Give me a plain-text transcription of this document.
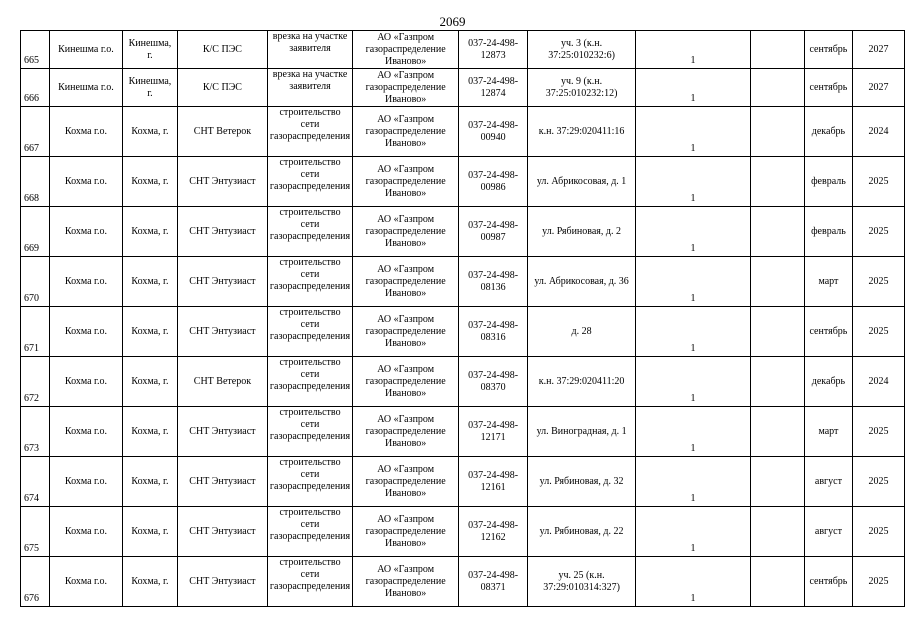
2069
665	Кинешма г.о.	Кинешма, г.	К/С ПЭС	врезка на участке заявителя	АО «Газпром газораспределение Иваново»	037-24-498-12873	уч. 3 (к.н. 37:25:010232:6)	1		сентябрь	2027
666	Кинешма г.о.	Кинешма, г.	К/С ПЭС	врезка на участке заявителя	АО «Газпром газораспределение Иваново»	037-24-498-12874	уч. 9 (к.н. 37:25:010232:12)	1		сентябрь	2027
667	Кохма г.о.	Кохма, г.	СНТ Ветерок	строительство сети газораспределения	АО «Газпром газораспределение Иваново»	037-24-498-00940	к.н. 37:29:020411:16	1		декабрь	2024
668	Кохма г.о.	Кохма, г.	СНТ Энтузиаст	строительство сети газораспределения	АО «Газпром газораспределение Иваново»	037-24-498-00986	ул. Абрикосовая, д. 1	1		февраль	2025
669	Кохма г.о.	Кохма, г.	СНТ Энтузиаст	строительство сети газораспределения	АО «Газпром газораспределение Иваново»	037-24-498-00987	ул. Рябиновая, д. 2	1		февраль	2025
670	Кохма г.о.	Кохма, г.	СНТ Энтузиаст	строительство сети газораспределения	АО «Газпром газораспределение Иваново»	037-24-498-08136	ул. Абрикосовая, д. 36	1		март	2025
671	Кохма г.о.	Кохма, г.	СНТ Энтузиаст	строительство сети газораспределения	АО «Газпром газораспределение Иваново»	037-24-498-08316	д. 28	1		сентябрь	2025
672	Кохма г.о.	Кохма, г.	СНТ Ветерок	строительство сети газораспределения	АО «Газпром газораспределение Иваново»	037-24-498-08370	к.н. 37:29:020411:20	1		декабрь	2024
673	Кохма г.о.	Кохма, г.	СНТ Энтузиаст	строительство сети газораспределения	АО «Газпром газораспределение Иваново»	037-24-498-12171	ул. Виноградная, д. 1	1		март	2025
674	Кохма г.о.	Кохма, г.	СНТ Энтузиаст	строительство сети газораспределения	АО «Газпром газораспределение Иваново»	037-24-498-12161	ул. Рябиновая, д. 32	1		август	2025
675	Кохма г.о.	Кохма, г.	СНТ Энтузиаст	строительство сети газораспределения	АО «Газпром газораспределение Иваново»	037-24-498-12162	ул. Рябиновая, д. 22	1		август	2025
676	Кохма г.о.	Кохма, г.	СНТ Энтузиаст	строительство сети газораспределения	АО «Газпром газораспределение Иваново»	037-24-498-08371	уч. 25 (к.н. 37:29:010314:327)	1		сентябрь	2025
